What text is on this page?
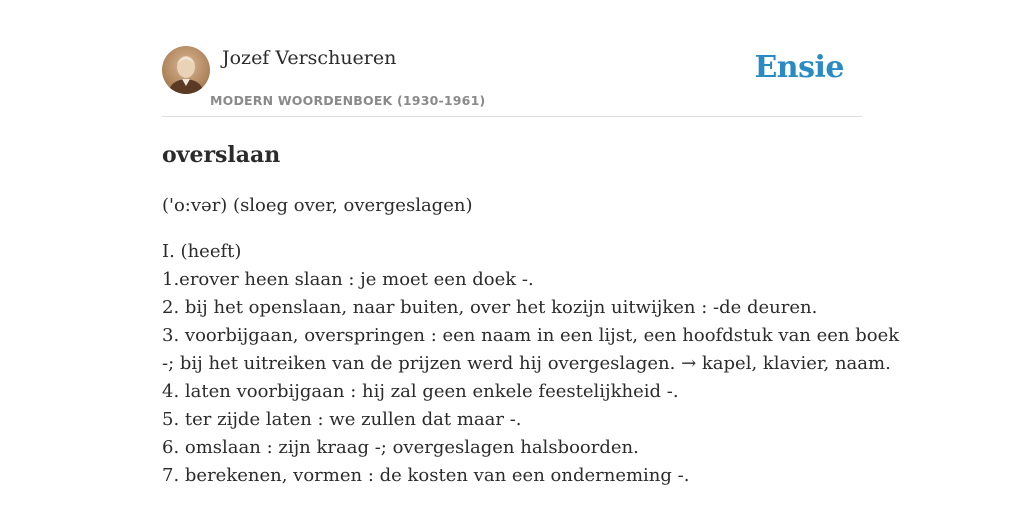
Jozef Verschueren
MODERN WOORDENBOEK (1930-1961)
Ensie
overslaan
('o:vər) (sloeg over, overgeslagen)
I. (heeft)
1.erover heen slaan : je moet een doek -.
2. bij het openslaan, naar buiten, over het kozijn uitwijken : -de deuren.
3. voorbijgaan, overspringen : een naam in een lijst, een hoofdstuk van een boek
-; bij het uitreiken van de prijzen werd hij overgeslagen. → kapel, klavier, naam.
4. laten voorbijgaan : hij zal geen enkele feestelijkheid -.
5. ter zijde laten : we zullen dat maar -.
6. omslaan : zijn kraag -; overgeslagen halsboorden.
7. berekenen, vormen : de kosten van een onderneming -.
